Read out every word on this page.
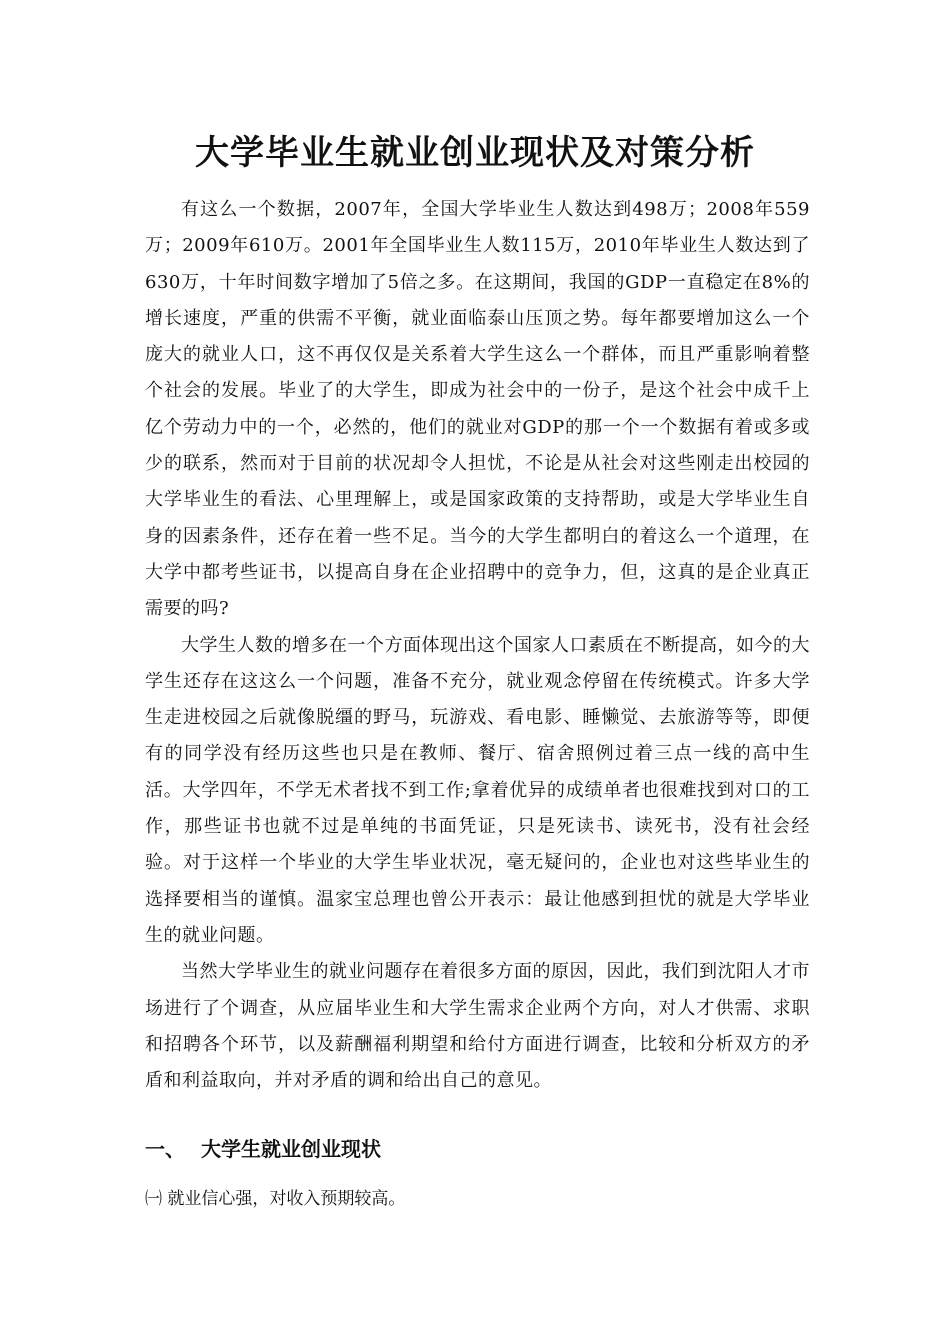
大学毕业生就业创业现状及对策分析

有这么一个数据，2007年，全国大学毕业生人数达到498万；2008年559万；2009年610万。2001年全国毕业生人数115万，2010年毕业生人数达到了630万，十年时间数字增加了5倍之多。在这期间，我国的GDP一直稳定在8%的增长速度，严重的供需不平衡，就业面临泰山压顶之势。每年都要增加这么一个庞大的就业人口，这不再仅仅是关系着大学生这么一个群体，而且严重影响着整个社会的发展。毕业了的大学生，即成为社会中的一份子，是这个社会中成千上亿个劳动力中的一个，必然的，他们的就业对GDP的那一个一个数据有着或多或少的联系，然而对于目前的状况却令人担忧，不论是从社会对这些刚走出校园的大学毕业生的看法、心里理解上，或是国家政策的支持帮助，或是大学毕业生自身的因素条件，还存在着一些不足。当今的大学生都明白的着这么一个道理，在大学中都考些证书，以提高自身在企业招聘中的竞争力，但，这真的是企业真正需要的吗?

大学生人数的增多在一个方面体现出这个国家人口素质在不断提高，如今的大学生还存在这这么一个问题，准备不充分，就业观念停留在传统模式。许多大学生走进校园之后就像脱缰的野马，玩游戏、看电影、睡懒觉、去旅游等等，即便有的同学没有经历这些也只是在教师、餐厅、宿舍照例过着三点一线的高中生活。大学四年，不学无术者找不到工作;拿着优异的成绩单者也很难找到对口的工作，那些证书也就不过是单纯的书面凭证，只是死读书、读死书，没有社会经验。对于这样一个毕业的大学生毕业状况，毫无疑问的，企业也对这些毕业生的选择要相当的谨慎。温家宝总理也曾公开表示：最让他感到担忧的就是大学毕业生的就业问题。

当然大学毕业生的就业问题存在着很多方面的原因，因此，我们到沈阳人才市场进行了个调查，从应届毕业生和大学生需求企业两个方向，对人才供需、求职和招聘各个环节，以及薪酬福利期望和给付方面进行调查，比较和分析双方的矛盾和利益取向，并对矛盾的调和给出自己的意见。

一、 大学生就业创业现状
㈠ 就业信心强，对收入预期较高。
